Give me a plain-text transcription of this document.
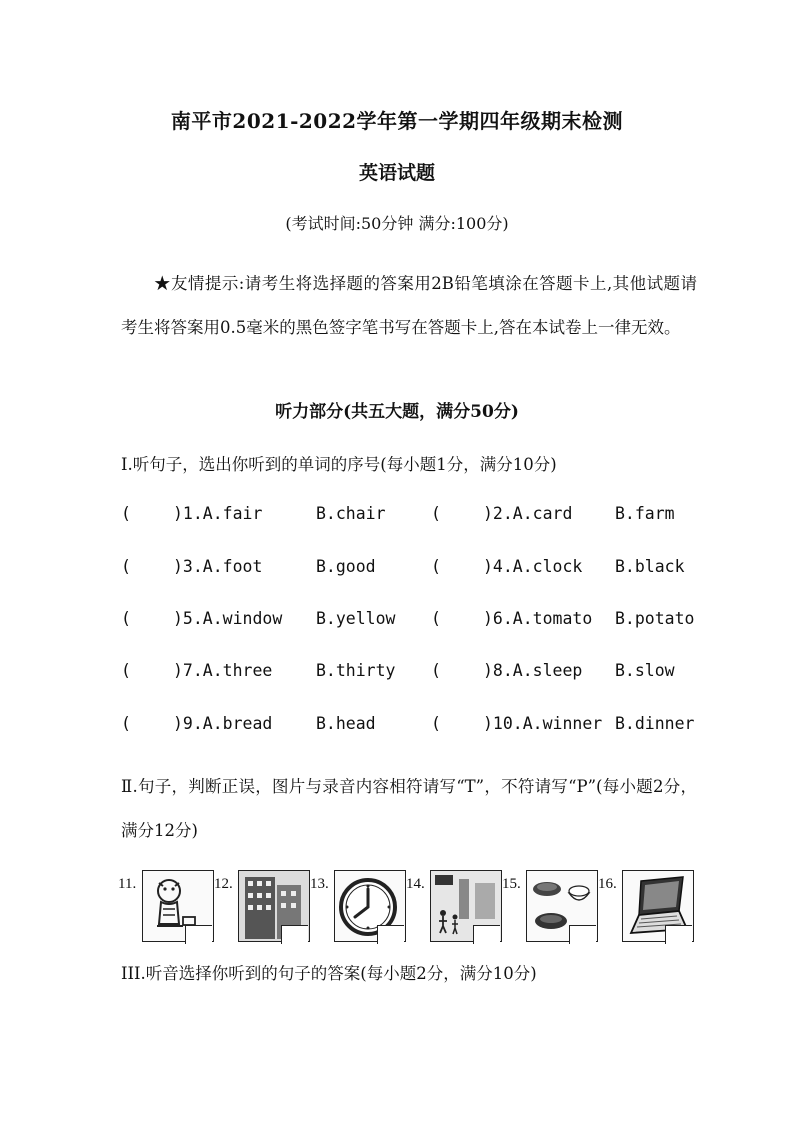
南平市2021-2022学年第一学期四年级期末检测
英语试题
(考试时间:50分钟 满分:100分)

★友情提示:请考生将选择题的答案用2B铅笔填涂在答题卡上,其他试题请考生将答案用0.5毫米的黑色签字笔书写在答题卡上,答在本试卷上一律无效。

听力部分(共五大题，满分50分)
I.听句子，选出你听到的单词的序号(每小题1分，满分10分)
(	)1.A.fair	B.chair	(	)2.A.card	B.farm
(	)3.A.foot	B.good	(	)4.A.clock B.black
(	)5.A.window B.yellow (	)6.A.tomato B.potato
(	)7.A.three	B.thirty (	)8.A.sleep B.slow
(	)9.A.bread	B.head	(	)10.A.winner B.dinner

Ⅱ.句子，判断正误，图片与录音内容相符请写“T”，不符请写“P”(每小题2分，满分12分)

11.	12.	13.	14.	15.	16.
III.听音选择你听到的句子的答案(每小题2分，满分10分)
